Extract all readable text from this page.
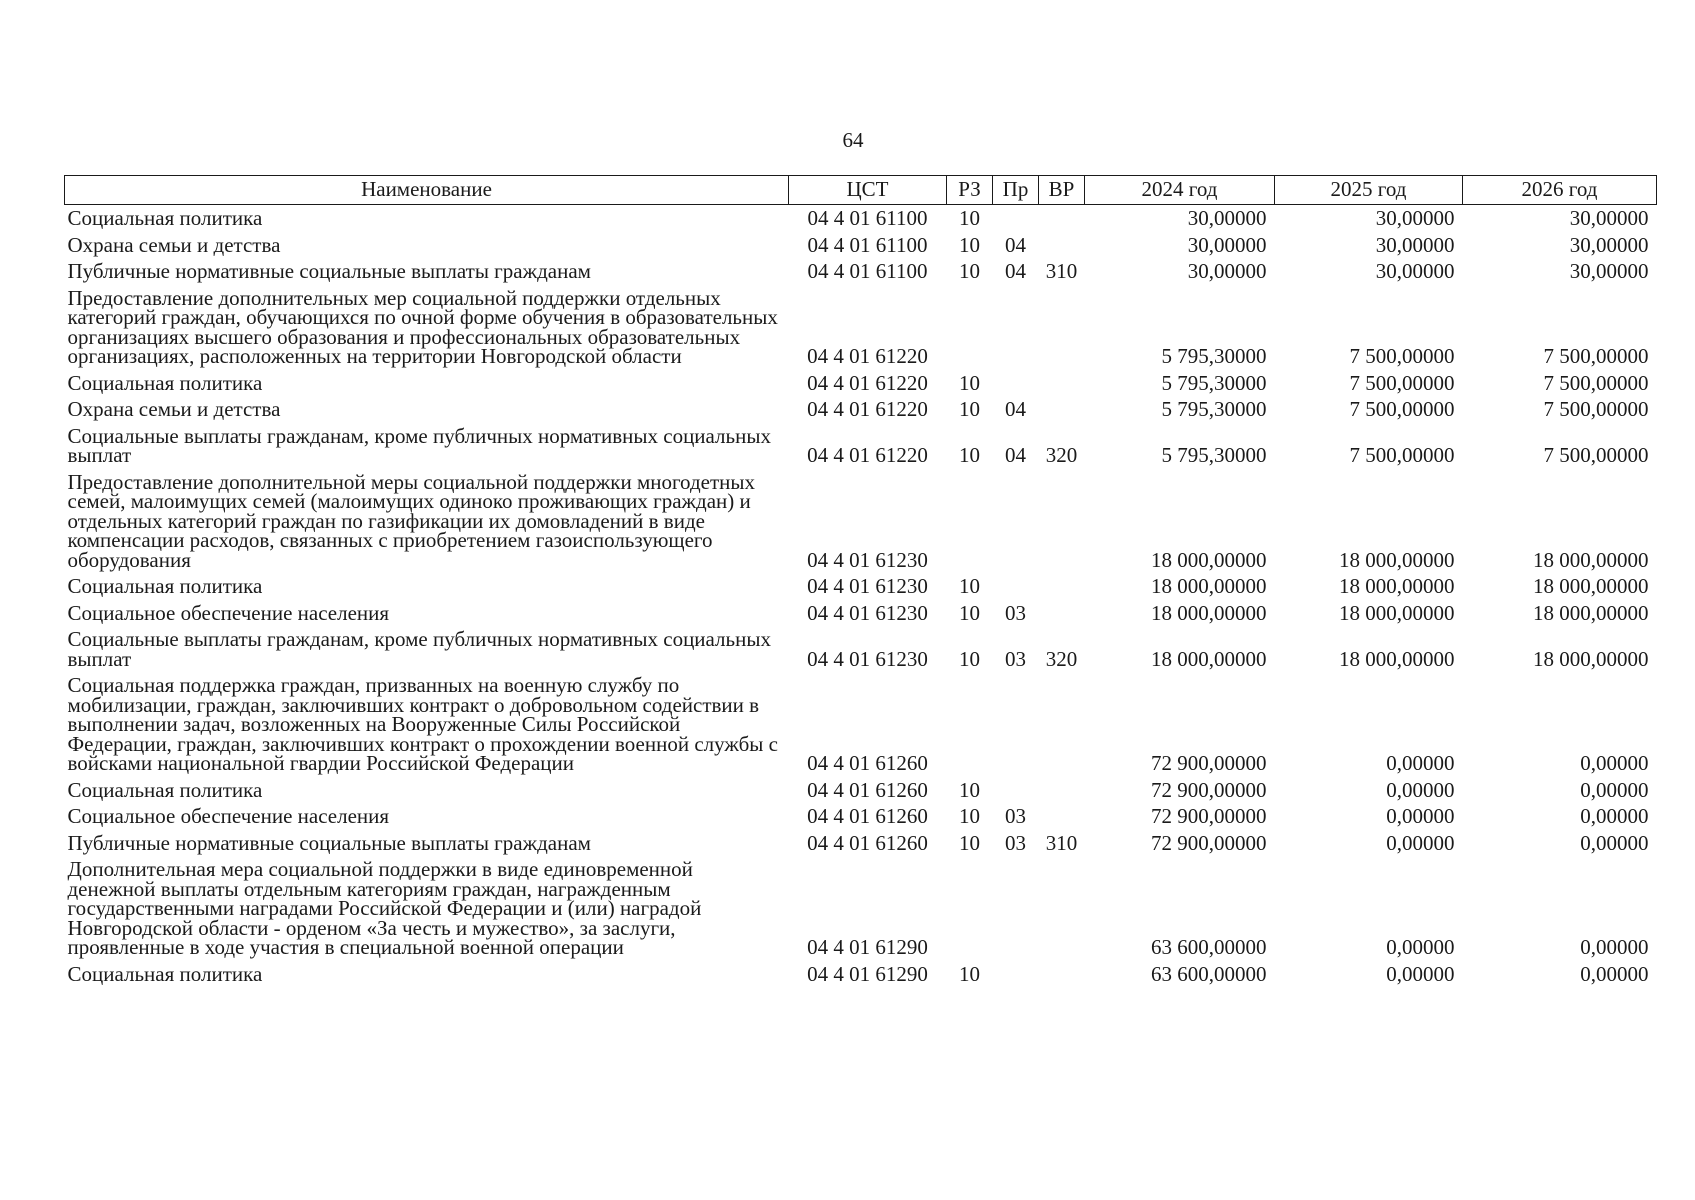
64
Наименование	ЦСТ	РЗ	Пр	ВР	2024 год	2025 год	2026 год
Социальная политика	04 4 01 61100	10			30,00000	30,00000	30,00000
Охрана семьи и детства	04 4 01 61100	10	04		30,00000	30,00000	30,00000
Публичные нормативные социальные выплаты гражданам	04 4 01 61100	10	04	310	30,00000	30,00000	30,00000
Предоставление дополнительных мер социальной поддержки отдельных категорий граждан, обучающихся по очной форме обучения в образовательных организациях высшего образования и профессиональных образовательных организациях, расположенных на территории Новгородской области	04 4 01 61220				5 795,30000	7 500,00000	7 500,00000
Социальная политика	04 4 01 61220	10			5 795,30000	7 500,00000	7 500,00000
Охрана семьи и детства	04 4 01 61220	10	04		5 795,30000	7 500,00000	7 500,00000
Социальные выплаты гражданам, кроме публичных нормативных социальных выплат	04 4 01 61220	10	04	320	5 795,30000	7 500,00000	7 500,00000
Предоставление дополнительной меры социальной поддержки многодетных семей, малоимущих семей (малоимущих одиноко проживающих граждан) и отдельных категорий граждан по газификации их домовладений в виде компенсации расходов, связанных с приобретением газоиспользующего оборудования	04 4 01 61230				18 000,00000	18 000,00000	18 000,00000
Социальная политика	04 4 01 61230	10			18 000,00000	18 000,00000	18 000,00000
Социальное обеспечение населения	04 4 01 61230	10	03		18 000,00000	18 000,00000	18 000,00000
Социальные выплаты гражданам, кроме публичных нормативных социальных выплат	04 4 01 61230	10	03	320	18 000,00000	18 000,00000	18 000,00000
Социальная поддержка граждан, призванных на военную службу по мобилизации, граждан, заключивших контракт о добровольном содействии в выполнении задач, возложенных на Вооруженные Силы Российской Федерации, граждан, заключивших контракт о прохождении военной службы с войсками национальной гвардии Российской Федерации	04 4 01 61260				72 900,00000	0,00000	0,00000
Социальная политика	04 4 01 61260	10			72 900,00000	0,00000	0,00000
Социальное обеспечение населения	04 4 01 61260	10	03		72 900,00000	0,00000	0,00000
Публичные нормативные социальные выплаты гражданам	04 4 01 61260	10	03	310	72 900,00000	0,00000	0,00000
Дополнительная мера социальной поддержки в виде единовременной денежной выплаты отдельным категориям граждан, награжденным государственными наградами Российской Федерации и (или) наградой Новгородской области - орденом «За честь и мужество», за заслуги, проявленные в ходе участия в специальной военной операции	04 4 01 61290				63 600,00000	0,00000	0,00000
Социальная политика	04 4 01 61290	10			63 600,00000	0,00000	0,00000
